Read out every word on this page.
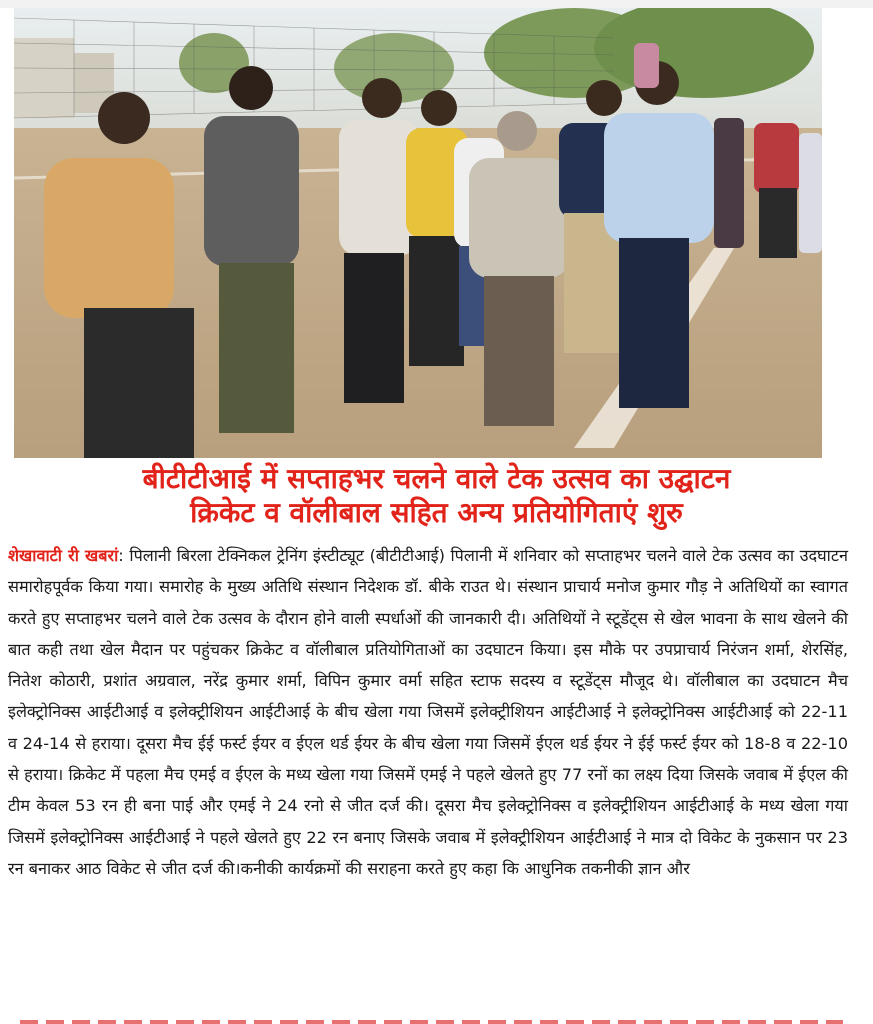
बीटीटीआई में सप्ताहभर चलने वाले टेक उत्सव का उद्घाटन
क्रिकेट व वॉलीबाल सहित अन्य प्रतियोगिताएं शुरु

शेखावाटी री खबरां: पिलानी बिरला टेक्निकल ट्रेनिंग इंस्टीट्यूट (बीटीटीआई) पिलानी में शनिवार को सप्ताहभर चलने वाले टेक उत्सव का उदघाटन समारोहपूर्वक किया गया। समारोह के मुख्य अतिथि संस्थान निदेशक डॉ. बीके राउत थे। संस्थान प्राचार्य मनोज कुमार गौड़ ने अतिथियों का स्वागत करते हुए सप्ताहभर चलने वाले टेक उत्सव के दौरान होने वाली स्पर्धाओं की जानकारी दी। अतिथियों ने स्टूडेंट्स से खेल भावना के साथ खेलने की बात कही तथा खेल मैदान पर पहुंचकर क्रिकेट व वॉलीबाल प्रतियोगिताओं का उदघाटन किया। इस मौके पर उपप्राचार्य निरंजन शर्मा, शेरसिंह, नितेश कोठारी, प्रशांत अग्रवाल, नरेंद्र कुमार शर्मा, विपिन कुमार वर्मा सहित स्टाफ सदस्य व स्टूडेंट्स मौजूद थे। वॉलीबाल का उदघाटन मैच इलेक्ट्रोनिक्स आईटीआई व इलेक्ट्रीशियन आईटीआई के बीच खेला गया जिसमें इलेक्ट्रीशियन आईटीआई ने इलेक्ट्रोनिक्स आईटीआई को 22-11 व 24-14 से हराया। दूसरा मैच ईई फर्स्ट ईयर व ईएल थर्ड ईयर के बीच खेला गया जिसमें ईएल थर्ड ईयर ने ईई फर्स्ट ईयर को 18-8 व 22-10 से हराया। क्रिकेट में पहला मैच एमई व ईएल के मध्य खेला गया जिसमें एमई ने पहले खेलते हुए 77 रनों का लक्ष्य दिया जिसके जवाब में ईएल की टीम केवल 53 रन ही बना पाई और एमई ने 24 रनो से जीत दर्ज की। दूसरा मैच इलेक्ट्रोनिक्स व इलेक्ट्रीशियन आईटीआई के मध्य खेला गया जिसमें इलेक्ट्रोनिक्स आईटीआई ने पहले खेलते हुए 22 रन बनाए जिसके जवाब में इलेक्ट्रीशियन आईटीआई ने मात्र दो विकेट के नुकसान पर 23 रन बनाकर आठ विकेट से जीत दर्ज की।कनीकी कार्यक्रमों की सराहना करते हुए कहा कि आधुनिक तकनीकी ज्ञान और
